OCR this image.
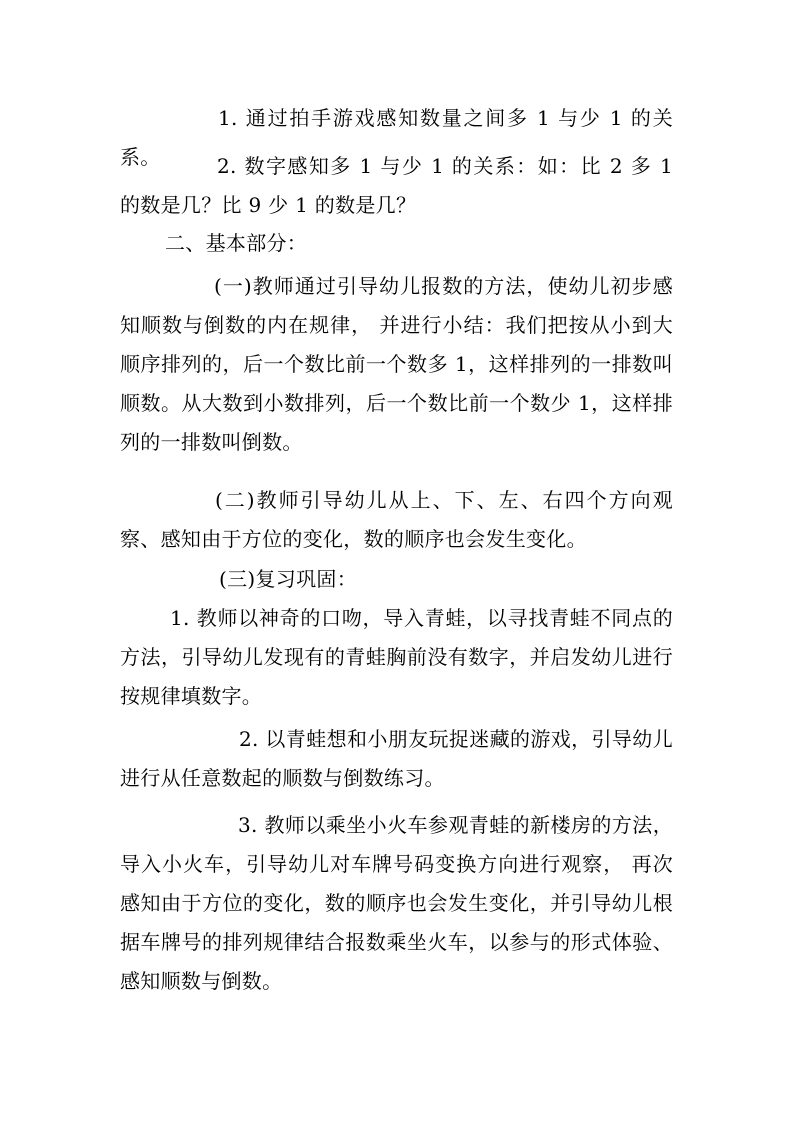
1. 通过拍手游戏感知数量之间多 1 与少 1 的关系。	2. 数字感知多 1 与少 1 的关系：如：比 2 多 1 的数是几？比 9 少 1 的数是几？

二、基本部分：

(一)教师通过引导幼儿报数的方法，使幼儿初步感知顺数与倒数的内在规律， 并进行小结：我们把按从小到大顺序排列的，后一个数比前一个数多 1，这样排列的一排数叫顺数。从大数到小数排列，后一个数比前一个数少 1，这样排列的一排数叫倒数。

(二)教师引导幼儿从上、下、左、右四个方向观察、感知由于方位的变化，数的顺序也会发生变化。

(三)复习巩固：

1. 教师以神奇的口吻，导入青蛙，以寻找青蛙不同点的方法，引导幼儿发现有的青蛙胸前没有数字，并启发幼儿进行按规律填数字。

2. 以青蛙想和小朋友玩捉迷藏的游戏，引导幼儿进行从任意数起的顺数与倒数练习。

3. 教师以乘坐小火车参观青蛙的新楼房的方法，导入小火车，引导幼儿对车牌号码变换方向进行观察， 再次感知由于方位的变化，数的顺序也会发生变化，并引导幼儿根据车牌号的排列规律结合报数乘坐火车，以参与的形式体验、感知顺数与倒数。
